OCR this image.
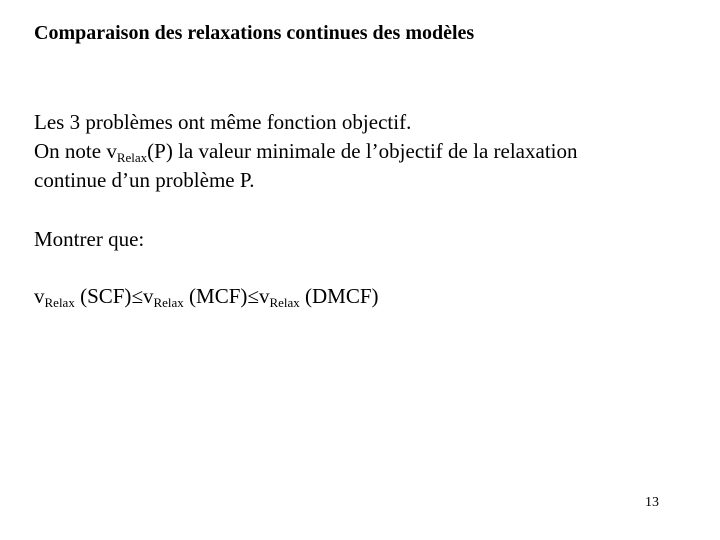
Comparaison des relaxations continues des modèles
Les 3 problèmes ont même fonction objectif.
On note $v_{Relax}(P)$ la valeur minimale de l’objectif de la relaxation
continue d’un problème P.
Montrer que:
$v_{Relax}$ $(SCF)\le v_{Relax}$ $(MCF)\le v_{Relax}$ (DMCF)
13
